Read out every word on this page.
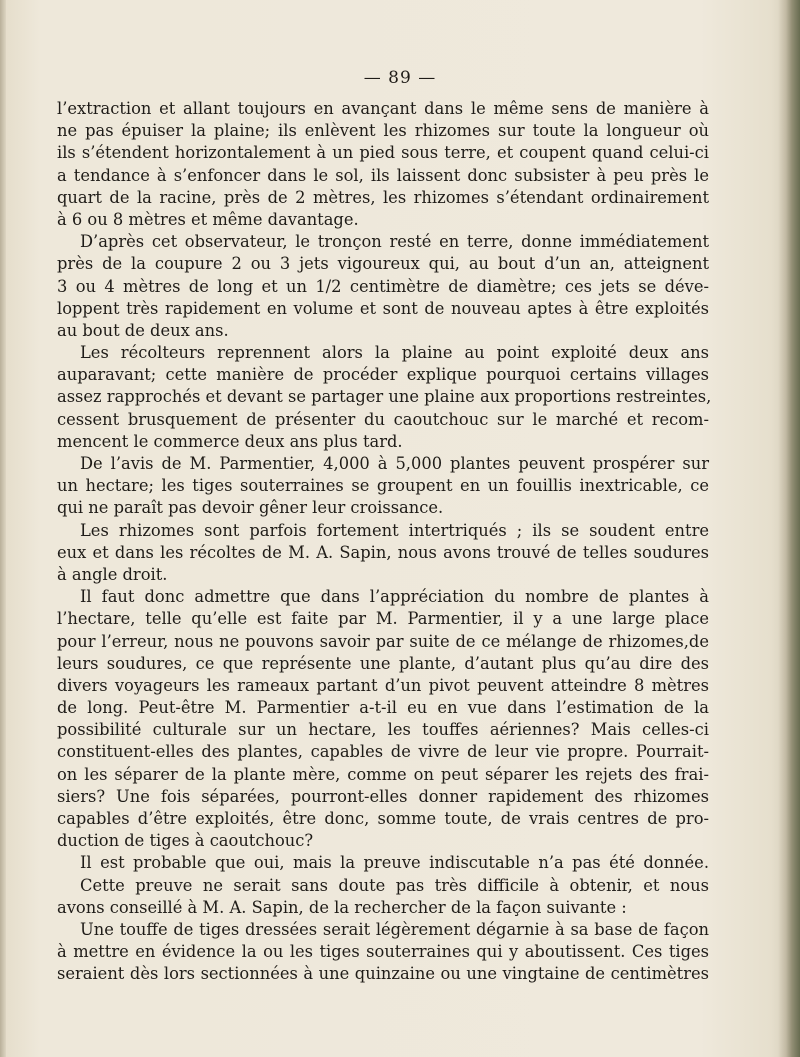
— 89 —
l’extraction et allant toujours en avançant dans le même sens de manière à
ne pas épuiser la plaine; ils enlèvent les rhizomes sur toute la longueur où
ils s’étendent horizontalement à un pied sous terre, et coupent quand celui-ci
a tendance à s’enfoncer dans le sol, ils laissent donc subsister à peu près le
quart de la racine, près de 2 mètres, les rhizomes s’étendant ordinairement
à 6 ou 8 mètres et même davantage.
D’après cet observateur, le tronçon resté en terre, donne immédiatement
près de la coupure 2 ou 3 jets vigoureux qui, au bout d’un an, atteignent
3 ou 4 mètres de long et un 1/2 centimètre de diamètre; ces jets se déve-
loppent très rapidement en volume et sont de nouveau aptes à être exploités
au bout de deux ans.
Les récolteurs reprennent alors la plaine au point exploité deux ans
auparavant; cette manière de procéder explique pourquoi certains villages
assez rapprochés et devant se partager une plaine aux proportions restreintes,
cessent brusquement de présenter du caoutchouc sur le marché et recom-
mencent le commerce deux ans plus tard.
De l’avis de M. Parmentier, 4,000 à 5,000 plantes peuvent prospérer sur
un hectare; les tiges souterraines se groupent en un fouillis inextricable, ce
qui ne paraît pas devoir gêner leur croissance.
Les rhizomes sont parfois fortement intertriqués ; ils se soudent entre
eux et dans les récoltes de M. A. Sapin, nous avons trouvé de telles soudures
à angle droit.
Il faut donc admettre que dans l’appréciation du nombre de plantes à
l’hectare, telle qu’elle est faite par M. Parmentier, il y a une large place
pour l’erreur, nous ne pouvons savoir par suite de ce mélange de rhizomes,de
leurs soudures, ce que représente une plante, d’autant plus qu’au dire des
divers voyageurs les rameaux partant d’un pivot peuvent atteindre 8 mètres
de long. Peut-être M. Parmentier a-t-il eu en vue dans l’estimation de la
possibilité culturale sur un hectare, les touffes aériennes? Mais celles-ci
constituent-elles des plantes, capables de vivre de leur vie propre. Pourrait-
on les séparer de la plante mère, comme on peut séparer les rejets des frai-
siers? Une fois séparées, pourront-elles donner rapidement des rhizomes
capables d’être exploités, être donc, somme toute, de vrais centres de pro-
duction de tiges à caoutchouc?
Il est probable que oui, mais la preuve indiscutable n’a pas été donnée.
Cette preuve ne serait sans doute pas très difficile à obtenir, et nous
avons conseillé à M. A. Sapin, de la rechercher de la façon suivante :
Une touffe de tiges dressées serait légèrement dégarnie à sa base de façon
à mettre en évidence la ou les tiges souterraines qui y aboutissent. Ces tiges
seraient dès lors sectionnées à une quinzaine ou une vingtaine de centimètres
